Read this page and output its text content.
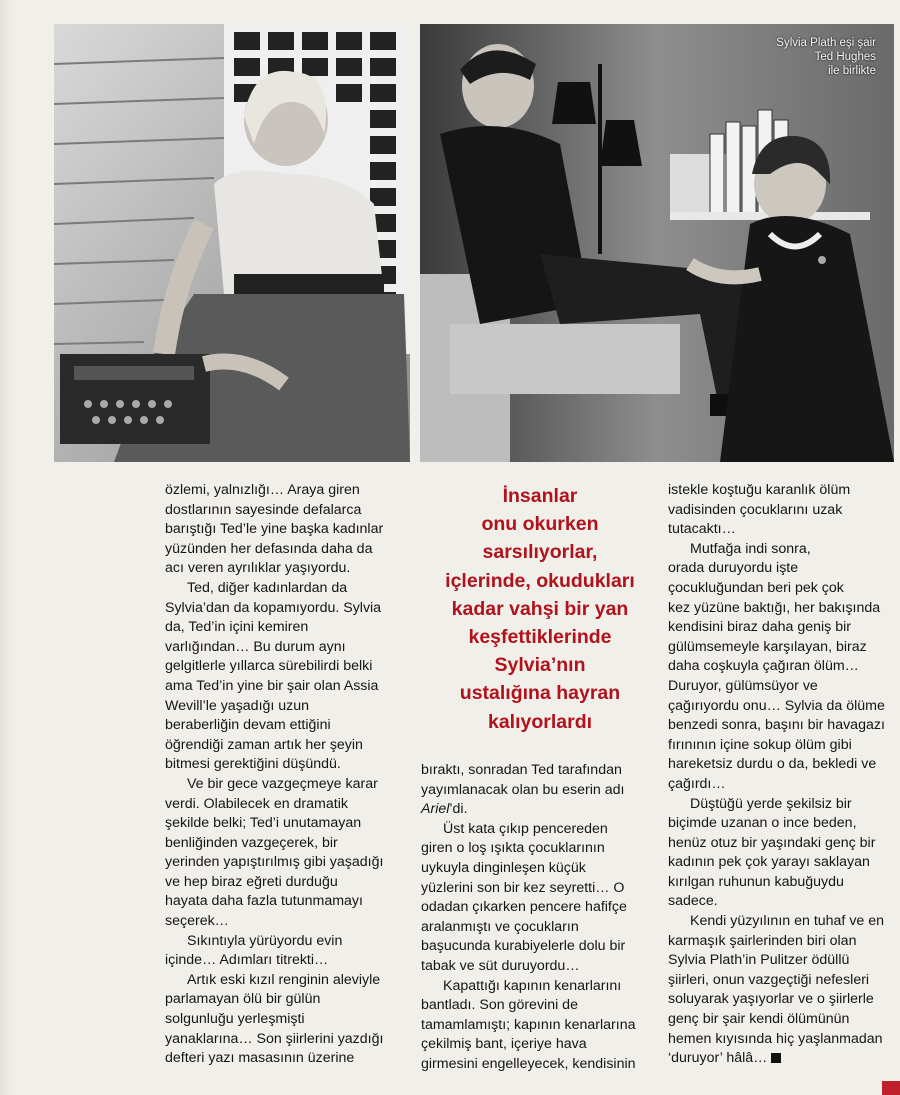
Sylvia Plath eşi şair
Ted Hughes
ile birlikte
özlemi, yalnızlığı… Araya giren
dostlarının sayesinde defalarca
barıştığı Ted’le yine başka kadınlar
yüzünden her defasında daha da
acı veren ayrılıklar yaşıyordu.
Ted, diğer kadınlardan da
Sylvia’dan da kopamıyordu. Sylvia
da, Ted’in içini kemiren
varlığından… Bu durum aynı
gelgitlerle yıllarca sürebilirdi belki
ama Ted’in yine bir şair olan Assia
Wevill’le yaşadığı uzun
beraberliğin devam ettiğini
öğrendiği zaman artık her şeyin
bitmesi gerektiğini düşündü.
Ve bir gece vazgeçmeye karar
verdi. Olabilecek en dramatik
şekilde belki; Ted’i unutamayan
benliğinden vazgeçerek, bir
yerinden yapıştırılmış gibi yaşadığı
ve hep biraz eğreti durduğu
hayata daha fazla tutunmamayı
seçerek…
Sıkıntıyla yürüyordu evin
içinde… Adımları titrekti…
Artık eski kızıl renginin aleviyle
parlamayan ölü bir gülün
solgunluğu yerleşmişti
yanaklarına… Son şiirlerini yazdığı
defteri yazı masasının üzerine
İnsanlar
onu okurken
sarsılıyorlar,
içlerinde, okudukları
kadar vahşi bir yan
keşfettiklerinde
Sylvia’nın
ustalığına hayran
kalıyorlardı
bıraktı, sonradan Ted tarafından
yayımlanacak olan bu eserin adı
Ariel’di.
Üst kata çıkıp pencereden
giren o loş ışıkta çocuklarının
uykuyla dinginleşen küçük
yüzlerini son bir kez seyretti… O
odadan çıkarken pencere hafifçe
aralanmıştı ve çocukların
başucunda kurabiyelerle dolu bir
tabak ve süt duruyordu…
Kapattığı kapının kenarlarını
bantladı. Son görevini de
tamamlamıştı; kapının kenarlarına
çekilmiş bant, içeriye hava
girmesini engelleyecek, kendisinin
istekle koştuğu karanlık ölüm
vadisinden çocuklarını uzak
tutacaktı…
Mutfağa indi sonra,
orada duruyordu işte
çocukluğundan beri pek çok
kez yüzüne baktığı, her bakışında
kendisini biraz daha geniş bir
gülümsemeyle karşılayan, biraz
daha coşkuyla çağıran ölüm…
Duruyor, gülümsüyor ve
çağırıyordu onu… Sylvia da ölüme
benzedi sonra, başını bir havagazı
fırınının içine sokup ölüm gibi
hareketsiz durdu o da, bekledi ve
çağırdı…
Düştüğü yerde şekilsiz bir
biçimde uzanan o ince beden,
henüz otuz bir yaşındaki genç bir
kadının pek çok yarayı saklayan
kırılgan ruhunun kabuğuydu
sadece.
Kendi yüzyılının en tuhaf ve en
karmaşık şairlerinden biri olan
Sylvia Plath’in Pulitzer ödüllü
şiirleri, onun vazgeçtiği nefesleri
soluyarak yaşıyorlar ve o şiirlerle
genç bir şair kendi ölümünün
hemen kıyısında hiç yaşlanmadan
‘duruyor’ hâlâ…
